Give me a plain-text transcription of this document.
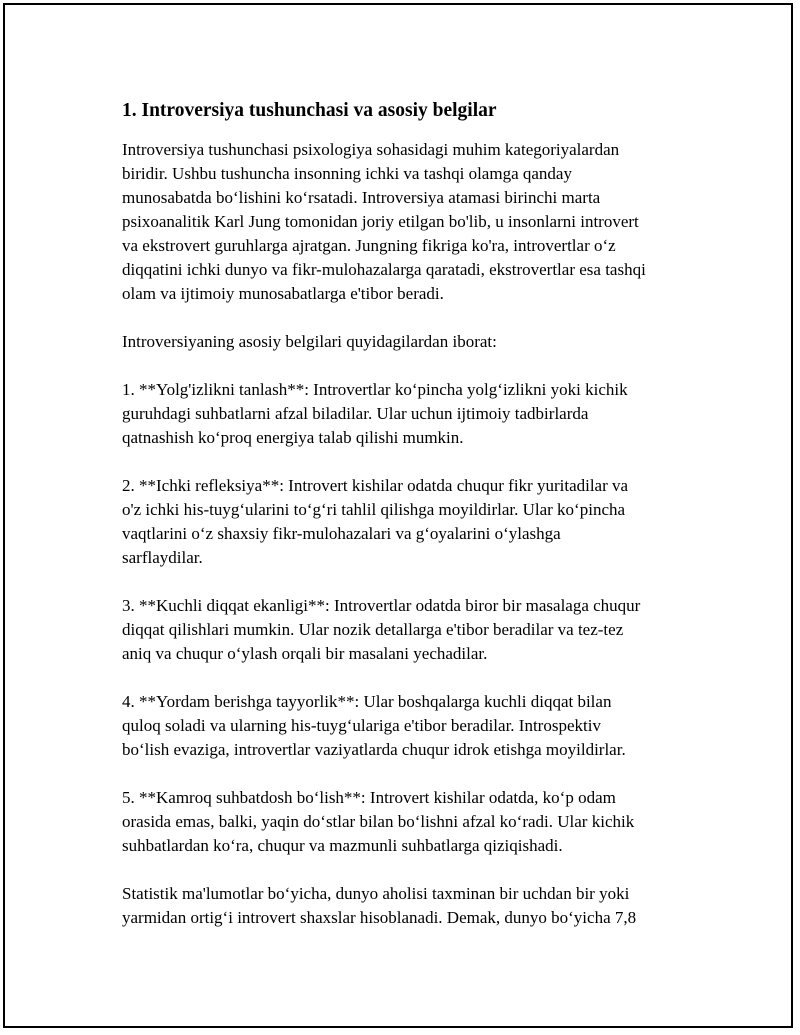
1. Introversiya tushunchasi va asosiy belgilar

Introversiya tushunchasi psixologiya sohasidagi muhim kategoriyalardan
biridir. Ushbu tushuncha insonning ichki va tashqi olamga qanday
munosabatda boʻlishini koʻrsatadi. Introversiya atamasi birinchi marta
psixoanalitik Karl Jung tomonidan joriy etilgan bo'lib, u insonlarni introvert
va ekstrovert guruhlarga ajratgan. Jungning fikriga ko'ra, introvertlar oʻz
diqqatini ichki dunyo va fikr-mulohazalarga qaratadi, ekstrovertlar esa tashqi
olam va ijtimoiy munosabatlarga e'tibor beradi.

Introversiyaning asosiy belgilari quyidagilardan iborat:

1. **Yolg'izlikni tanlash**: Introvertlar koʻpincha yolgʻizlikni yoki kichik
guruhdagi suhbatlarni afzal biladilar. Ular uchun ijtimoiy tadbirlarda
qatnashish koʻproq energiya talab qilishi mumkin.

2. **Ichki refleksiya**: Introvert kishilar odatda chuqur fikr yuritadilar va
o'z ichki his-tuygʻularini toʻgʻri tahlil qilishga moyildirlar. Ular koʻpincha
vaqtlarini oʻz shaxsiy fikr-mulohazalari va gʻoyalarini oʻylashga
sarflaydilar.

3. **Kuchli diqqat ekanligi**: Introvertlar odatda biror bir masalaga chuqur
diqqat qilishlari mumkin. Ular nozik detallarga e'tibor beradilar va tez-tez
aniq va chuqur oʻylash orqali bir masalani yechadilar.

4. **Yordam berishga tayyorlik**: Ular boshqalarga kuchli diqqat bilan
quloq soladi va ularning his-tuygʻulariga e'tibor beradilar. Introspektiv
boʻlish evaziga, introvertlar vaziyatlarda chuqur idrok etishga moyildirlar.

5. **Kamroq suhbatdosh boʻlish**: Introvert kishilar odatda, koʻp odam
orasida emas, balki, yaqin doʻstlar bilan boʻlishni afzal koʻradi. Ular kichik
suhbatlardan koʻra, chuqur va mazmunli suhbatlarga qiziqishadi.

Statistik ma'lumotlar boʻyicha, dunyo aholisi taxminan bir uchdan bir yoki
yarmidan ortigʻi introvert shaxslar hisoblanadi. Demak, dunyo boʻyicha 7,8
